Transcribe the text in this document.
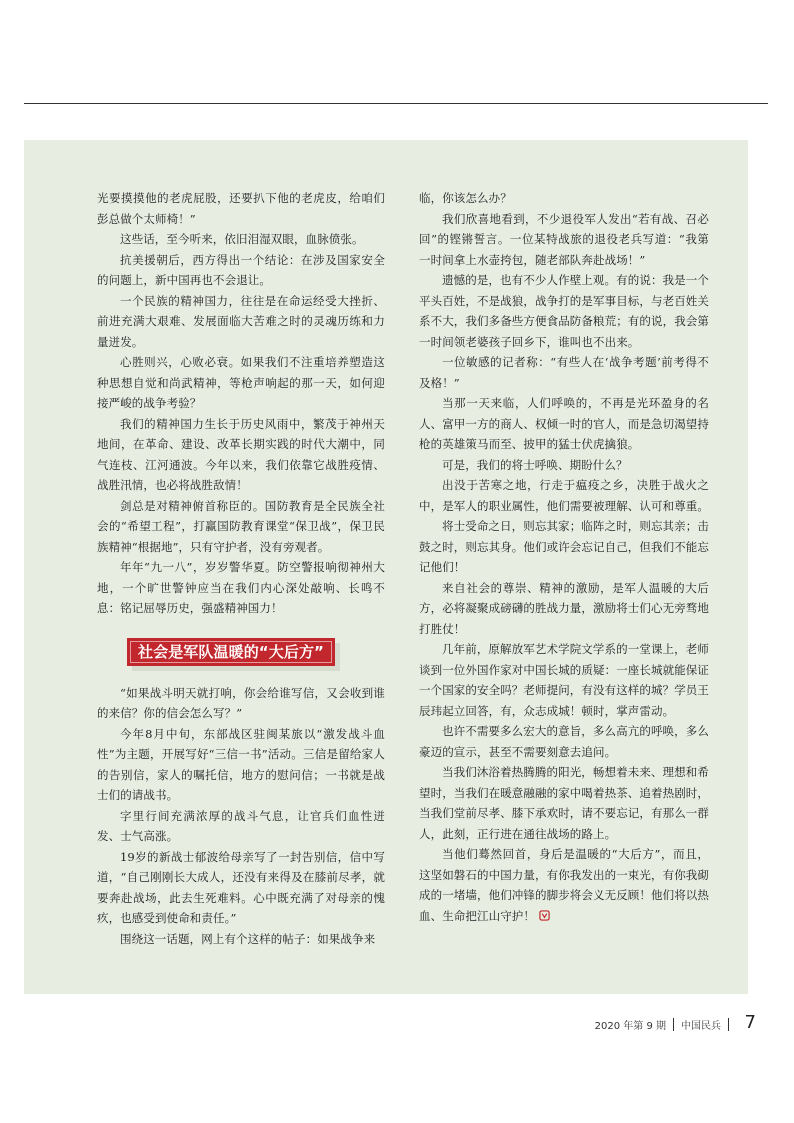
光要摸摸他的老虎屁股，还要扒下他的老虎皮，给咱们彭总做个太师椅！”

这些话，至今听来，依旧泪湿双眼，血脉偾张。

抗美援朝后，西方得出一个结论：在涉及国家安全的问题上，新中国再也不会退让。

一个民族的精神国力，往往是在命运经受大挫折、前进充满大艰难、发展面临大苦难之时的灵魂历练和力量迸发。

心胜则兴，心败必衰。如果我们不注重培养塑造这种思想自觉和尚武精神，等枪声响起的那一天，如何迎接严峻的战争考验？

我们的精神国力生长于历史风雨中，繁茂于神州天地间，在革命、建设、改革长期实践的时代大潮中，同气连枝、江河通波。今年以来，我们依靠它战胜疫情、战胜汛情，也必将战胜敌情！

剑总是对精神俯首称臣的。国防教育是全民族全社会的“希望工程”，打赢国防教育课堂“保卫战”，保卫民族精神“根据地”，只有守护者，没有旁观者。

年年“九一八”，岁岁警华夏。防空警报响彻神州大地，一个旷世警钟应当在我们内心深处敲响、长鸣不息：铭记屈辱历史，强盛精神国力！

社会是军队温暖的“大后方”

“如果战斗明天就打响，你会给谁写信，又会收到谁的来信？你的信会怎么写？”

今年8月中旬，东部战区驻闽某旅以“激发战斗血性”为主题，开展写好“三信一书”活动。三信是留给家人的告别信，家人的嘱托信，地方的慰问信；一书就是战士们的请战书。

字里行间充满浓厚的战斗气息，让官兵们血性迸发、士气高涨。

19岁的新战士郁波给母亲写了一封告别信，信中写道，“自己刚刚长大成人，还没有来得及在膝前尽孝，就要奔赴战场，此去生死难料。心中既充满了对母亲的愧疚，也感受到使命和责任。”

围绕这一话题，网上有个这样的帖子：如果战争来

临，你该怎么办？

我们欣喜地看到，不少退役军人发出“若有战、召必回”的铿锵誓言。一位某特战旅的退役老兵写道：“我第一时间拿上水壶挎包，随老部队奔赴战场！”

遗憾的是，也有不少人作壁上观。有的说：我是一个平头百姓，不是战狼，战争打的是军事目标，与老百姓关系不大，我们多备些方便食品防备粮荒；有的说，我会第一时间领老婆孩子回乡下，谁叫也不出来。

一位敏感的记者称：“有些人在‘战争考题’前考得不及格！”

当那一天来临，人们呼唤的，不再是光环盈身的名人、富甲一方的商人、权倾一时的官人，而是急切渴望持枪的英雄策马而至、披甲的猛士伏虎擒狼。

可是，我们的将士呼唤、期盼什么？

出没于苦寒之地，行走于瘟疫之乡，决胜于战火之中，是军人的职业属性，他们需要被理解、认可和尊重。

将士受命之日，则忘其家；临阵之时，则忘其亲；击鼓之时，则忘其身。他们或许会忘记自己，但我们不能忘记他们！

来自社会的尊崇、精神的激励，是军人温暖的大后方，必将凝聚成磅礴的胜战力量，激励将士们心无旁骛地打胜仗！

几年前，原解放军艺术学院文学系的一堂课上，老师谈到一位外国作家对中国长城的质疑：一座长城就能保证一个国家的安全吗？老师提问，有没有这样的城？学员王辰玮起立回答，有，众志成城！顿时，掌声雷动。

也许不需要多么宏大的意旨，多么高亢的呼唤，多么豪迈的宣示，甚至不需要刻意去追问。

当我们沐浴着热腾腾的阳光，畅想着未来、理想和希望时，当我们在暖意融融的家中喝着热茶、追着热剧时，当我们堂前尽孝、膝下承欢时，请不要忘记，有那么一群人，此刻，正行进在通往战场的路上。

当他们蓦然回首，身后是温暖的“大后方”，而且，这坚如磐石的中国力量，有你我发出的一束光，有你我砌成的一堵墙，他们冲锋的脚步将会义无反顾！他们将以热血、生命把江山守护！

2020 年第 9 期 中国民兵 7
